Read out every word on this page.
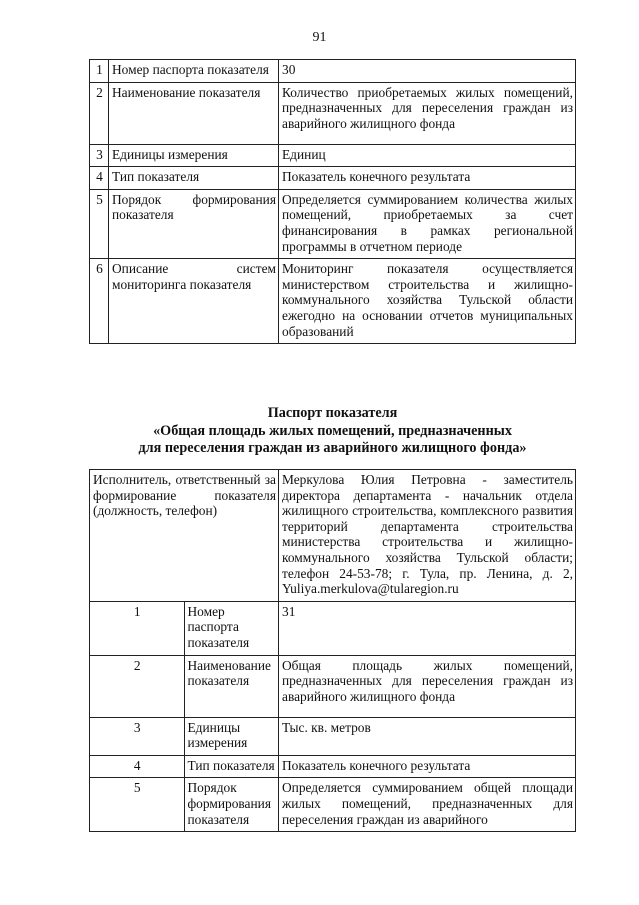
91
1	Номер паспорта показателя	30
2	Наименование показателя	Количество приобретаемых жилых помещений, предназначенных для переселения граждан из аварийного жилищного фонда
3	Единицы измерения	Единиц
4	Тип показателя	Показатель конечного результата
5	Порядок формирования показателя	Определяется суммированием количества жилых помещений, приобретаемых за счет финансирования в рамках региональной программы в отчетном периоде
6	Описание систем мониторинга показателя	Мониторинг показателя осуществляется министерством строительства и жилищно-коммунального хозяйства Тульской области ежегодно на основании отчетов муниципальных образований
Паспорт показателя
«Общая площадь жилых помещений, предназначенных
для переселения граждан из аварийного жилищного фонда»
Исполнитель, ответственный за формирование показателя (должность, телефон)		Меркулова Юлия Петровна - заместитель директора департамента - начальник отдела жилищного строительства, комплексного развития территорий департамента строительства министерства строительства и жилищно-коммунального хозяйства Тульской области; телефон 24-53-78; г. Тула, пр. Ленина, д. 2, Yuliya.merkulova@tularegion.ru
1	Номер паспорта показателя	31
2	Наименование показателя	Общая площадь жилых помещений, предназначенных для переселения граждан из аварийного жилищного фонда
3	Единицы измерения	Тыс. кв. метров
4	Тип показателя	Показатель конечного результата
5	Порядок формирования показателя	Определяется суммированием общей площади жилых помещений, предназначенных для переселения граждан из аварийного
